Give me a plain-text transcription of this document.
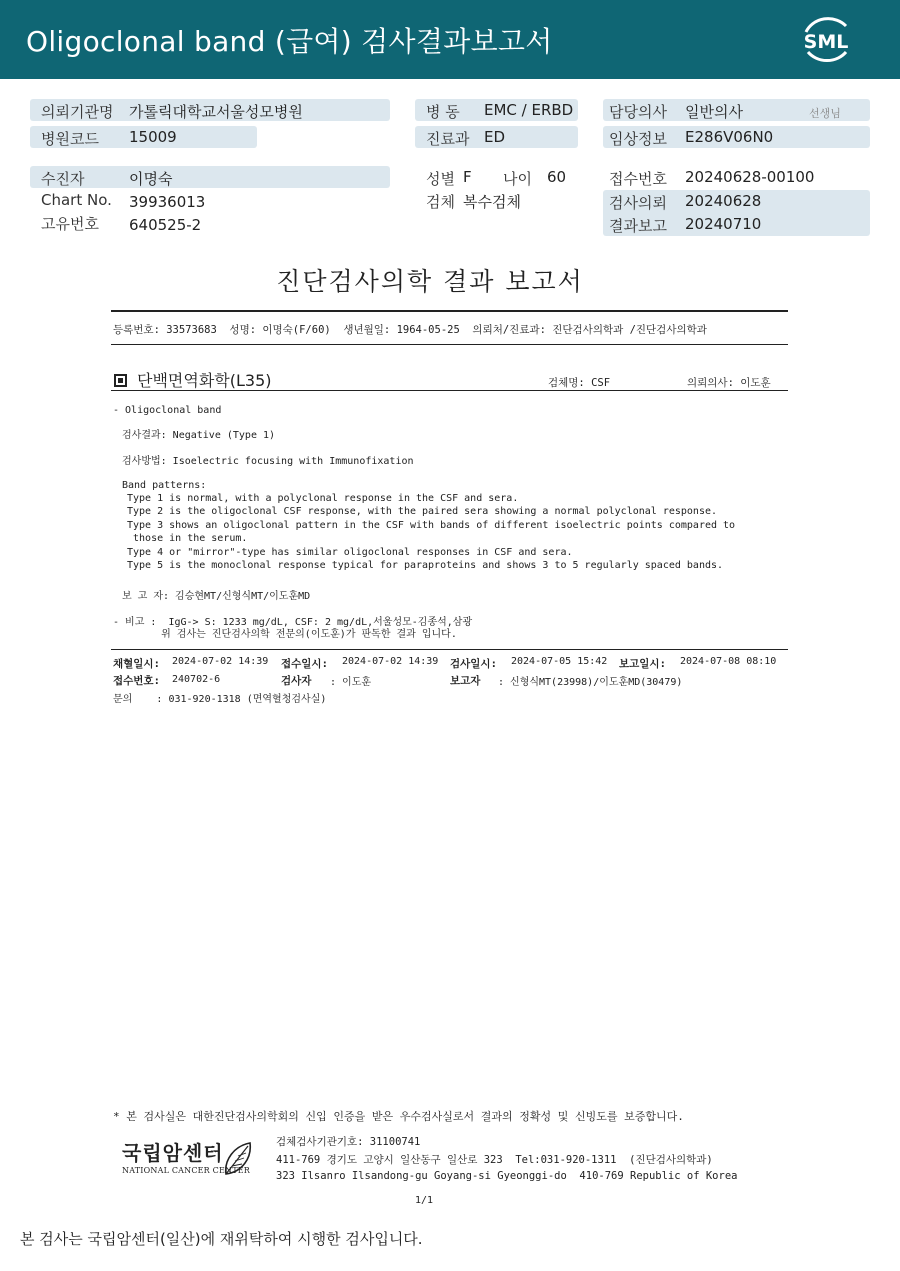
Oligoclonal band (급여) 검사결과보고서	SML
의뢰기관명 가톨릭대학교서울성모병원	병 동 EMC / ERBD 담당의사 일반의사	선생님
병원코드 15009	진료과 ED	임상정보 E286V06N0
수진자	이명숙	성별 F 나이 60	접수번호 20240628-00100
Chart No. 39936013	검체 복수검체	검사의뢰 20240628
고유번호 640525-2	결과보고 20240710
진단검사의학 결과 보고서
등록번호: 33573683  성명: 이명숙(F/60)  생년월일: 1964-05-25  의뢰처/진료과: 진단검사의학과 /진단검사의학과
단백면역화학(L35)	검체명: CSF	의뢰의사: 이도훈
- Oligoclonal band
검사결과: Negative (Type 1)
검사방법: Isoelectric focusing with Immunofixation
Band patterns:
Type 1 is normal, with a polyclonal response in the CSF and sera.
Type 2 is the oligoclonal CSF response, with the paired sera showing a normal polyclonal response.
Type 3 shows an oligoclonal pattern in the CSF with bands of different isoelectric points compared to
those in the serum.
Type 4 or "mirror"-type has similar oligoclonal responses in CSF and sera.
Type 5 is the monoclonal response typical for paraproteins and shows 3 to 5 regularly spaced bands.
보 고 자: 김승현MT/신형식MT/이도훈MD
- 비고 :  IgG-> S: 1233 mg/dL, CSF: 2 mg/dL,서울성모-김종석,삼광
위 검사는 진단검사의학 전문의(이도훈)가 판독한 결과 입니다.
채혈일시: 2024-07-02 14:39 접수일시: 2024-07-02 14:39 검사일시: 2024-07-05 15:42 보고일시: 2024-07-08 08:10
접수번호: 240702-6	검사자 : 이도훈	보고자 : 신형식MT(23998)/이도훈MD(30479)
문의    : 031-920-1318 (면역혈청검사실)
* 본 검사실은 대한진단검사의학회의 신입 인증을 받은 우수검사실로서 결과의 정확성 및 신빙도를 보증합니다.
국립암센터
NATIONAL CANCER CENTER
검체검사기관기호: 31100741
411-769 경기도 고양시 일산동구 일산로 323  Tel:031-920-1311  (진단검사의학과)
323 Ilsanro Ilsandong-gu Goyang-si Gyeonggi-do  410-769 Republic of Korea
1/1
본 검사는 국립암센터(일산)에 재위탁하여 시행한 검사입니다.
